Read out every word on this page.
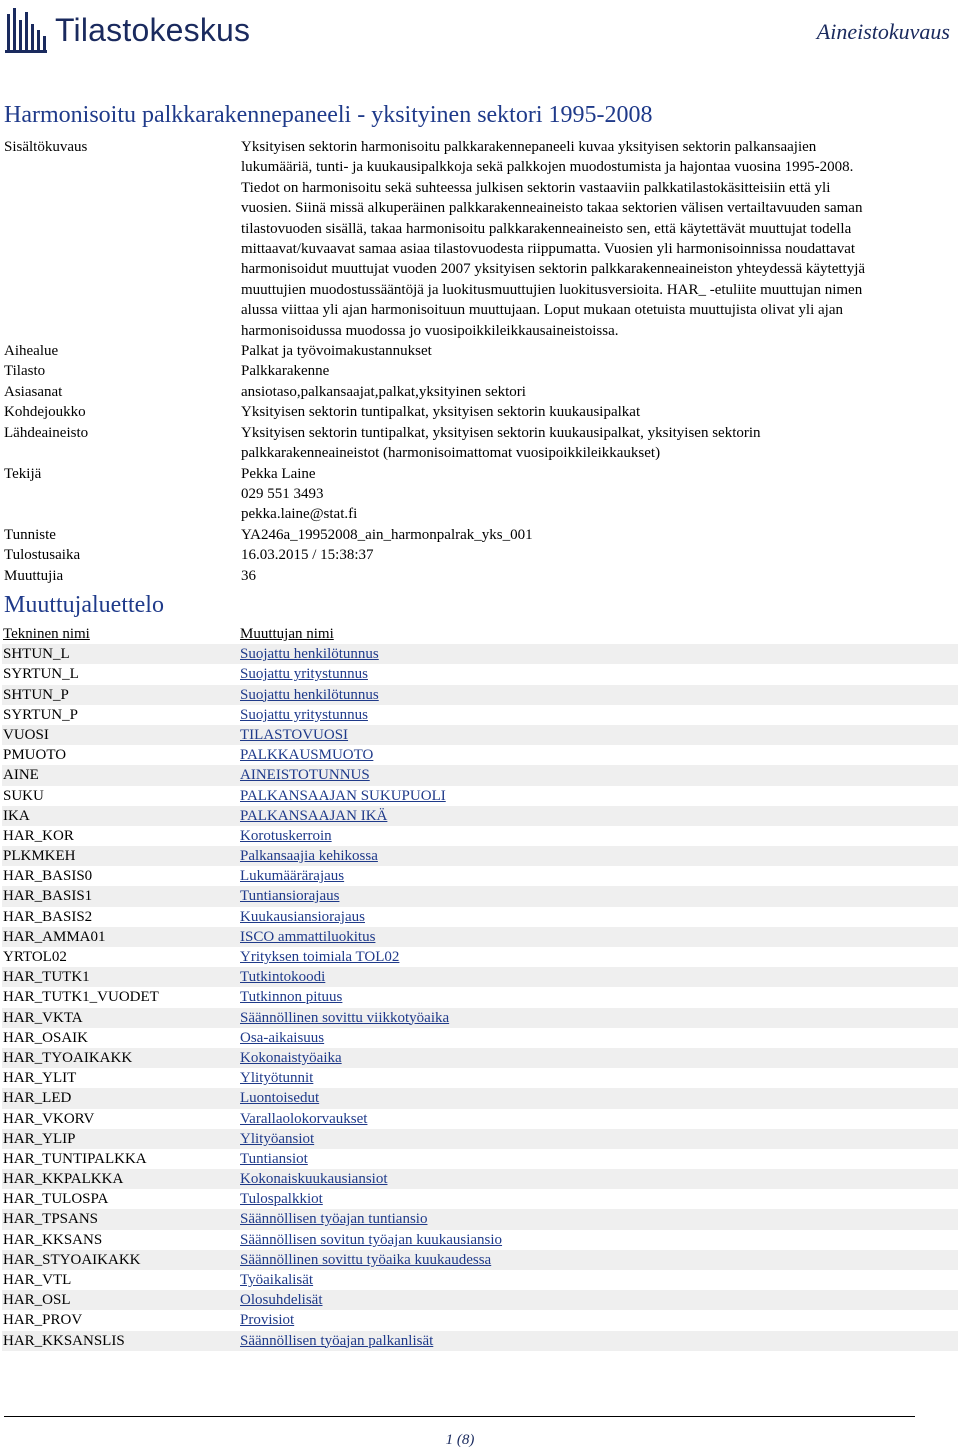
Tilastokeskus	Aineistokuvaus
Harmonisoitu palkkarakennepaneeli - yksityinen sektori 1995-2008
Sisältökuvaus	Yksityisen sektorin harmonisoitu palkkarakennepaneeli kuvaa yksityisen sektorin palkansaajien
lukumääriä, tunti- ja kuukausipalkkoja sekä palkkojen muodostumista ja hajontaa vuosina 1995-2008.
Tiedot on harmonisoitu sekä suhteessa julkisen sektorin vastaaviin palkkatilastokäsitteisiin että yli
vuosien. Siinä missä alkuperäinen palkkarakenneaineisto takaa sektorien välisen vertailtavuuden saman
tilastovuoden sisällä, takaa harmonisoitu palkkarakenneaineisto sen, että käytettävät muuttujat todella
mittaavat/kuvaavat samaa asiaa tilastovuodesta riippumatta. Vuosien yli harmonisoinnissa noudattavat
harmonisoidut muuttujat vuoden 2007 yksityisen sektorin palkkarakenneaineiston yhteydessä käytettyjä
muuttujien muodostussääntöjä ja luokitusmuuttujien luokitusversioita. HAR_ -etuliite muuttujan nimen
alussa viittaa yli ajan harmonisoituun muuttujaan. Loput mukaan otetuista muuttujista olivat yli ajan
harmonisoidussa muodossa jo vuosipoikkileikkausaineistoissa.
Aihealue	Palkat ja työvoimakustannukset
Tilasto	Palkkarakenne
Asiasanat	ansiotaso,palkansaajat,palkat,yksityinen sektori
Kohdejoukko	Yksityisen sektorin tuntipalkat, yksityisen sektorin kuukausipalkat
Lähdeaineisto	Yksityisen sektorin tuntipalkat, yksityisen sektorin kuukausipalkat, yksityisen sektorin
palkkarakenneaineistot (harmonisoimattomat vuosipoikkileikkaukset)
Tekijä	Pekka Laine
029 551 3493
pekka.laine@stat.fi
Tunniste	YA246a_19952008_ain_harmonpalrak_yks_001
Tulostusaika	16.03.2015 / 15:38:37
Muuttujia	36
Muuttujaluettelo
Tekninen nimi	Muuttujan nimi
SHTUN_L	Suojattu henkilötunnus
SYRTUN_L	Suojattu yritystunnus
SHTUN_P	Suojattu henkilötunnus
SYRTUN_P	Suojattu yritystunnus
VUOSI	TILASTOVUOSI
PMUOTO	PALKKAUSMUOTO
AINE	AINEISTOTUNNUS
SUKU	PALKANSAAJAN SUKUPUOLI
IKA	PALKANSAAJAN IKÄ
HAR_KOR	Korotuskerroin
PLKMKEH	Palkansaajia kehikossa
HAR_BASIS0	Lukumäärärajaus
HAR_BASIS1	Tuntiansiorajaus
HAR_BASIS2	Kuukausiansiorajaus
HAR_AMMA01	ISCO ammattiluokitus
YRTOL02	Yrityksen toimiala TOL02
HAR_TUTK1	Tutkintokoodi
HAR_TUTK1_VUODET	Tutkinnon pituus
HAR_VKTA	Säännöllinen sovittu viikkotyöaika
HAR_OSAIK	Osa-aikaisuus
HAR_TYOAIKAKK	Kokonaistyöaika
HAR_YLIT	Ylityötunnit
HAR_LED	Luontoisedut
HAR_VKORV	Varallaolokorvaukset
HAR_YLIP	Ylityöansiot
HAR_TUNTIPALKKA	Tuntiansiot
HAR_KKPALKKA	Kokonaiskuukausiansiot
HAR_TULOSPA	Tulospalkkiot
HAR_TPSANS	Säännöllisen työajan tuntiansio
HAR_KKSANS	Säännöllisen sovitun työajan kuukausiansio
HAR_STYOAIKAKK	Säännöllinen sovittu työaika kuukaudessa
HAR_VTL	Työaikalisät
HAR_OSL	Olosuhdelisät
HAR_PROV	Provisiot
HAR_KKSANSLIS	Säännöllisen työajan palkanlisät
1 (8)
